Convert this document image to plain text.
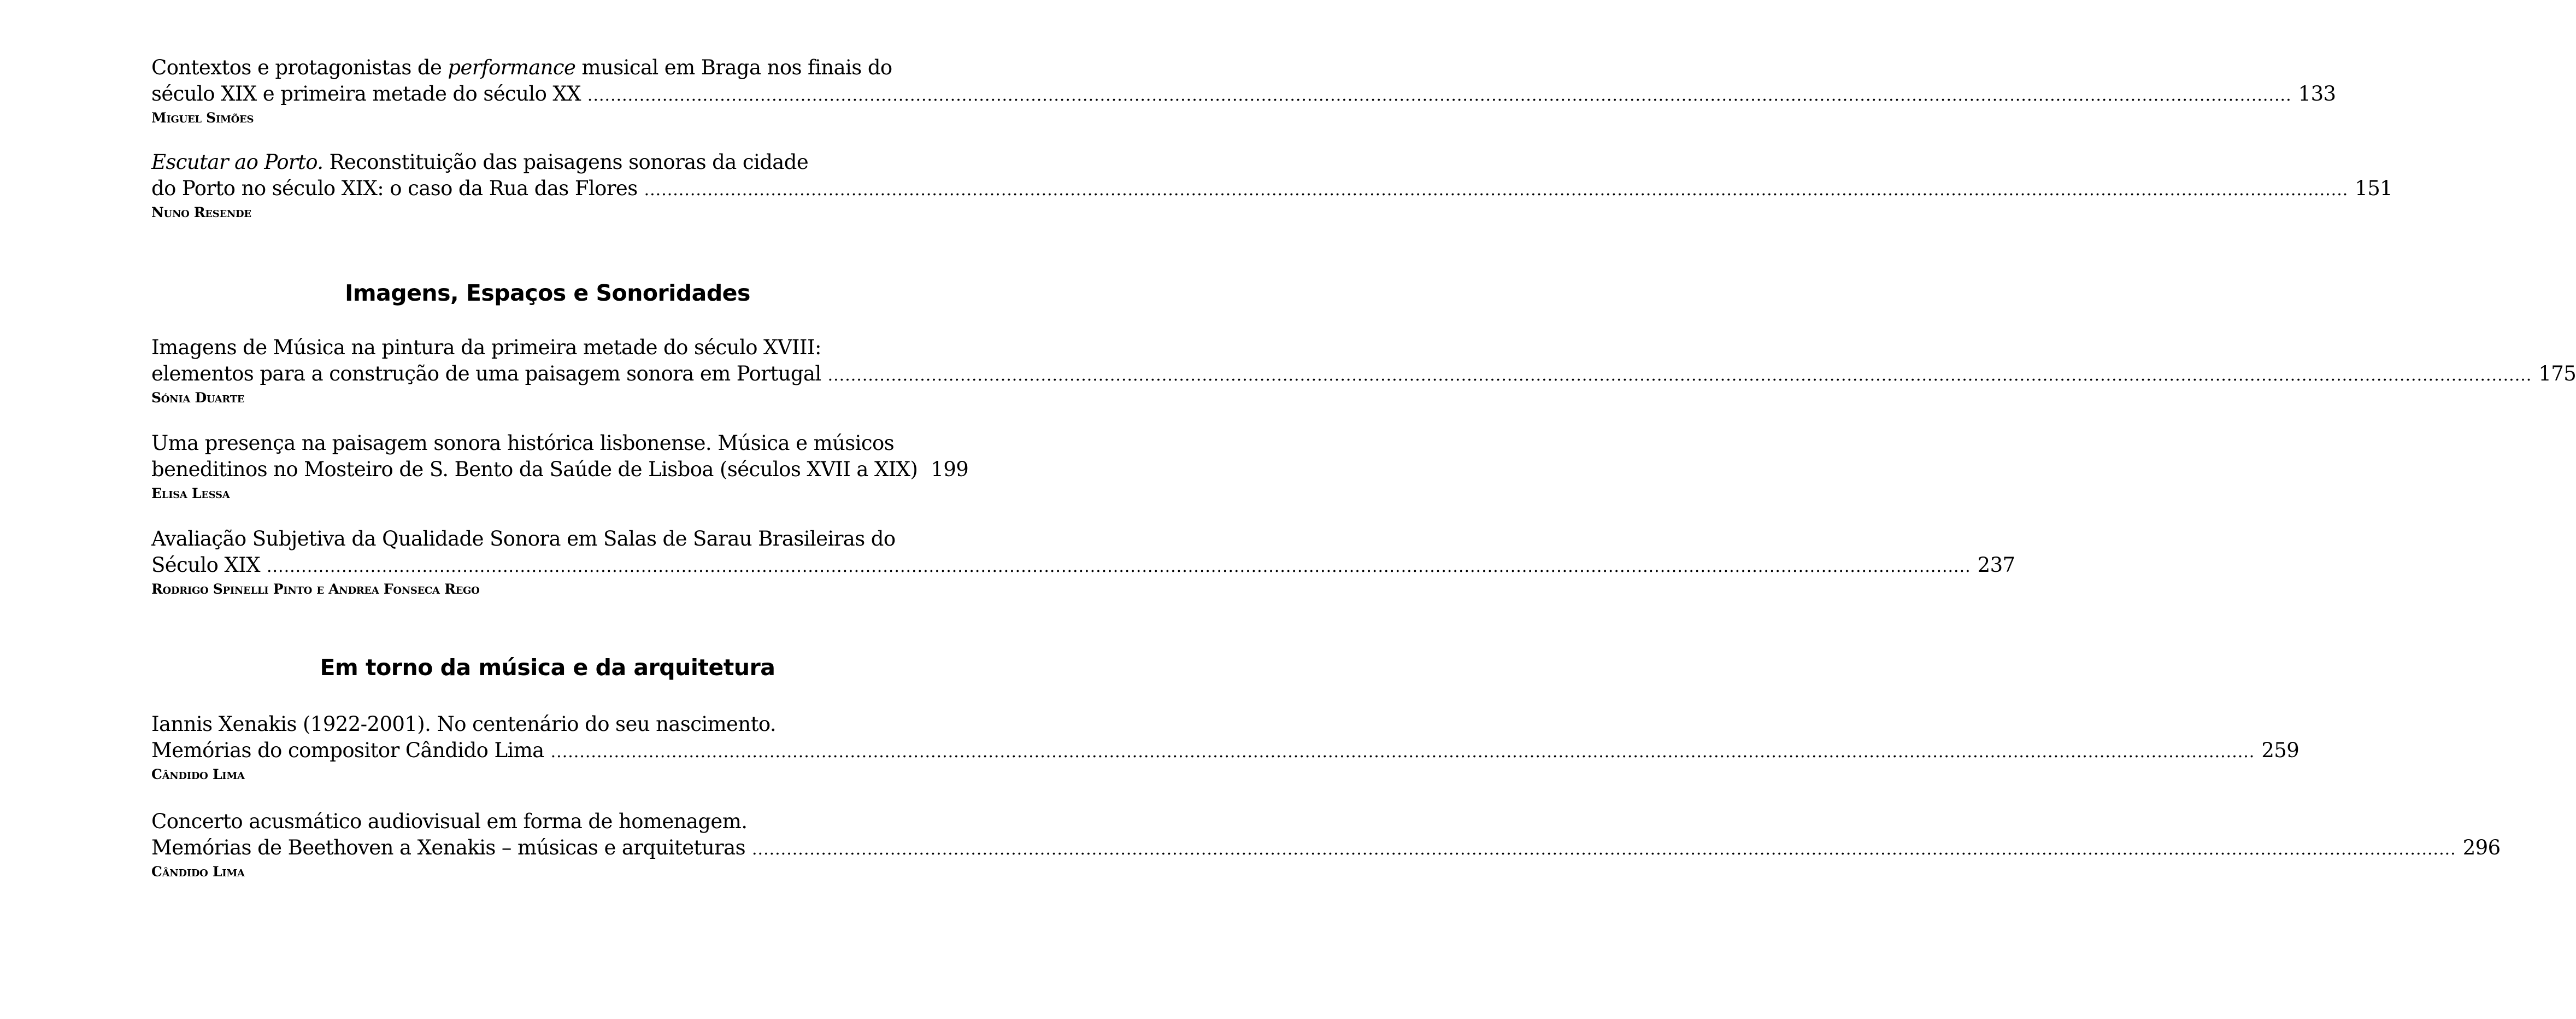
Contextos e protagonistas de performance musical em Braga nos finais do
século XIX e primeira metade do século XX .....	133
Miguel Simões
Escutar ao Porto. Reconstituição das paisagens sonoras da cidade
do Porto no século XIX: o caso da Rua das Flores .....	151
Nuno Resende
Imagens, Espaços e Sonoridades
Imagens de Música na pintura da primeira metade do século XVIII:
elementos para a construção de uma paisagem sonora em Portugal .....	175
Sónia Duarte
Uma presença na paisagem sonora histórica lisbonense. Música e músicos
beneditinos no Mosteiro de S. Bento da Saúde de Lisboa (séculos XVII a XIX) 199
Elisa Lessa
Avaliação Subjetiva da Qualidade Sonora em Salas de Sarau Brasileiras do
Século XIX .....	237
Rodrigo Spinelli Pinto e Andrea Fonseca Rego
Em torno da música e da arquitetura
Iannis Xenakis (1922-2001). No centenário do seu nascimento.
Memórias do compositor Cândido Lima .....	259
Cândido Lima
Concerto acusmático audiovisual em forma de homenagem.
Memórias de Beethoven a Xenakis – músicas e arquiteturas .....	296
Cândido Lima
